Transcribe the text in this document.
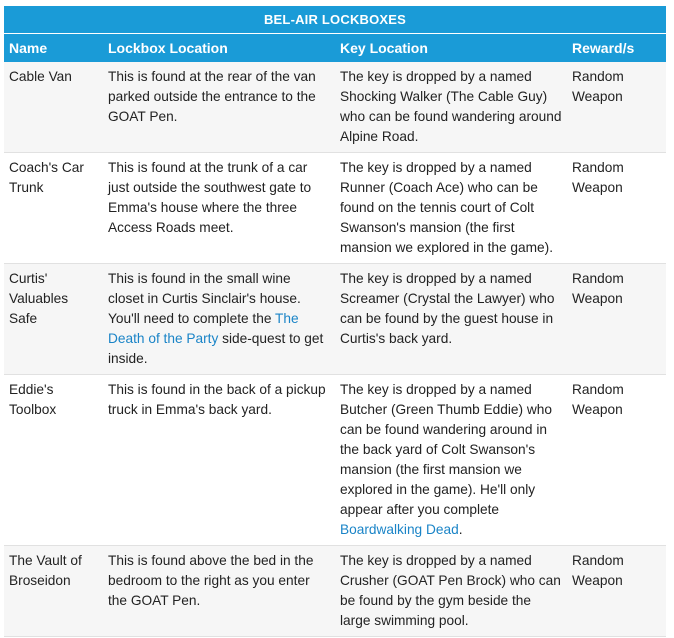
BEL-AIR LOCKBOXES			
Name	Lockbox Location	Key Location	Reward/s
Cable Van	This is found at the rear of the van parked outside the entrance to the GOAT Pen.	The key is dropped by a named Shocking Walker (The Cable Guy) who can be found wandering around Alpine Road.	Random Weapon
Coach's Car Trunk	This is found at the trunk of a car just outside the southwest gate to Emma's house where the three Access Roads meet.	The key is dropped by a named Runner (Coach Ace) who can be found on the tennis court of Colt Swanson's mansion (the first mansion we explored in the game).	Random Weapon
Curtis' Valuables Safe	This is found in the small wine closet in Curtis Sinclair's house. You'll need to complete the The Death of the Party side-quest to get inside.	The key is dropped by a named Screamer (Crystal the Lawyer) who can be found by the guest house in Curtis's back yard.	Random Weapon
Eddie's Toolbox	This is found in the back of a pickup truck in Emma's back yard.	The key is dropped by a named Butcher (Green Thumb Eddie) who can be found wandering around in the back yard of Colt Swanson's mansion (the first mansion we explored in the game). He'll only appear after you complete Boardwalking Dead.	Random Weapon
The Vault of Broseidon	This is found above the bed in the bedroom to the right as you enter the GOAT Pen.	The key is dropped by a named Crusher (GOAT Pen Brock) who can be found by the gym beside the large swimming pool.	Random Weapon
